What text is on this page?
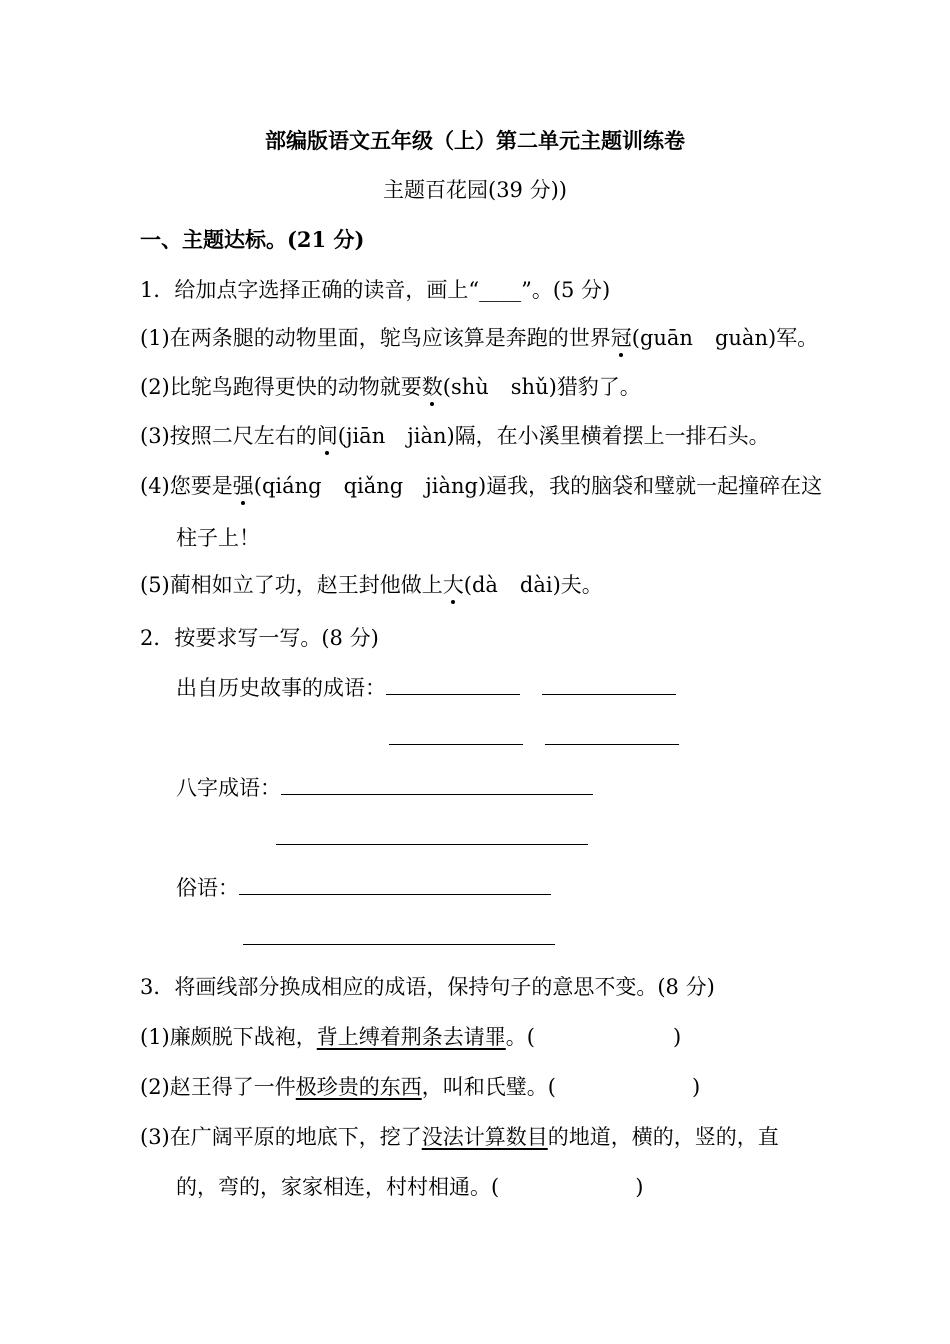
部编版语文五年级（上）第二单元主题训练卷
主题百花园(39 分))
一、主题达标。(21 分)
1．给加点字选择正确的读音，画上“____”。(5 分)
(1)在两条腿的动物里面，鸵鸟应该算是奔跑的世界冠(guān guàn)军。
(2)比鸵鸟跑得更快的动物就要数(shù shǔ)猎豹了。
(3)按照二尺左右的间(jiān jiàn)隔，在小溪里横着摆上一排石头。
(4)您要是强(qiáng qiǎng jiàng)逼我，我的脑袋和璧就一起撞碎在这
柱子上！
(5)蔺相如立了功，赵王封他做上大(dà dài)夫。
2．按要求写一写。(8 分)
出自历史故事的成语：
八字成语：
俗语：
3．将画线部分换成相应的成语，保持句子的意思不变。(8 分)
(1)廉颇脱下战袍，背上缚着荆条去请罪。(	)
(2)赵王得了一件极珍贵的东西，叫和氏璧。(	)
(3)在广阔平原的地底下，挖了没法计算数目的地道，横的，竖的，直
的，弯的，家家相连，村村相通。(	)
